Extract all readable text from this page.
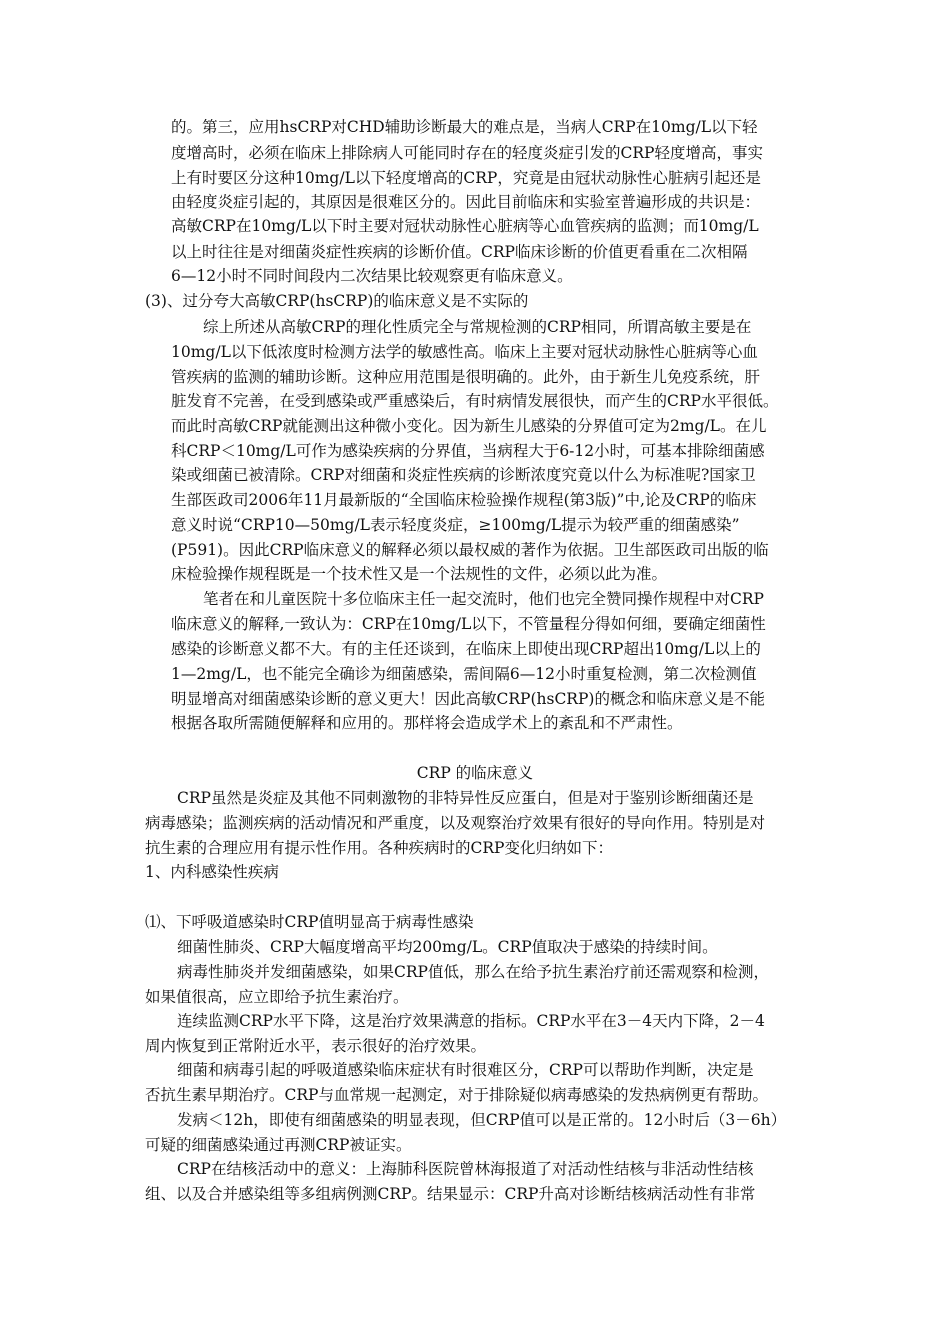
的。第三，应用hsCRP对CHD辅助诊断最大的难点是，当病人CRP在10mg/L以下轻
度增高时，必须在临床上排除病人可能同时存在的轻度炎症引发的CRP轻度增高，事实
上有时要区分这种10mg/L以下轻度增高的CRP，究竟是由冠状动脉性心脏病引起还是
由轻度炎症引起的，其原因是很难区分的。因此目前临床和实验室普遍形成的共识是：
高敏CRP在10mg/L以下时主要对冠状动脉性心脏病等心血管疾病的监测；而10mg/L
以上时往往是对细菌炎症性疾病的诊断价值。CRP临床诊断的价值更看重在二次相隔
6—12小时不同时间段内二次结果比较观察更有临床意义。
(3)、过分夸大高敏CRP(hsCRP)的临床意义是不实际的
综上所述从高敏CRP的理化性质完全与常规检测的CRP相同，所谓高敏主要是在
10mg/L以下低浓度时检测方法学的敏感性高。临床上主要对冠状动脉性心脏病等心血
管疾病的监测的辅助诊断。这种应用范围是很明确的。此外，由于新生儿免疫系统，肝
脏发育不完善，在受到感染或严重感染后，有时病情发展很快，而产生的CRP水平很低。
而此时高敏CRP就能测出这种微小变化。因为新生儿感染的分界值可定为2mg/L。在儿
科CRP＜10mg/L可作为感染疾病的分界值，当病程大于6-12小时，可基本排除细菌感
染或细菌已被清除。CRP对细菌和炎症性疾病的诊断浓度究竟以什么为标准呢?国家卫
生部医政司2006年11月最新版的“全国临床检验操作规程(第3版)”中,论及CRP的临床
意义时说“CRP10—50mg/L表示轻度炎症，≥100mg/L提示为较严重的细菌感染”
(P591)。因此CRP临床意义的解释必须以最权威的著作为依据。卫生部医政司出版的临
床检验操作规程既是一个技术性又是一个法规性的文件，必须以此为准。
笔者在和儿童医院十多位临床主任一起交流时，他们也完全赞同操作规程中对CRP
临床意义的解释,一致认为：CRP在10mg/L以下，不管量程分得如何细，要确定细菌性
感染的诊断意义都不大。有的主任还谈到，在临床上即使出现CRP超出10mg/L以上的
1—2mg/L，也不能完全确诊为细菌感染，需间隔6—12小时重复检测，第二次检测值
明显增高对细菌感染诊断的意义更大！因此高敏CRP(hsCRP)的概念和临床意义是不能
根据各取所需随便解释和应用的。那样将会造成学术上的紊乱和不严肃性。
CRP 的临床意义
CRP虽然是炎症及其他不同刺激物的非特异性反应蛋白，但是对于鉴别诊断细菌还是
病毒感染；监测疾病的活动情况和严重度，以及观察治疗效果有很好的导向作用。特别是对
抗生素的合理应用有提示性作用。各种疾病时的CRP变化归纳如下：
1、内科感染性疾病
⑴、下呼吸道感染时CRP值明显高于病毒性感染
细菌性肺炎、CRP大幅度增高平均200mg/L。CRP值取决于感染的持续时间。
病毒性肺炎并发细菌感染，如果CRP值低，那么在给予抗生素治疗前还需观察和检测，
如果值很高，应立即给予抗生素治疗。
连续监测CRP水平下降，这是治疗效果满意的指标。CRP水平在3－4天内下降，2－4
周内恢复到正常附近水平，表示很好的治疗效果。
细菌和病毒引起的呼吸道感染临床症状有时很难区分，CRP可以帮助作判断，决定是
否抗生素早期治疗。CRP与血常规一起测定，对于排除疑似病毒感染的发热病例更有帮助。
发病＜12h，即使有细菌感染的明显表现，但CRP值可以是正常的。12小时后（3－6h）
可疑的细菌感染通过再测CRP被证实。
CRP在结核活动中的意义：上海肺科医院曾林海报道了对活动性结核与非活动性结核
组、以及合并感染组等多组病例测CRP。结果显示：CRP升高对诊断结核病活动性有非常
